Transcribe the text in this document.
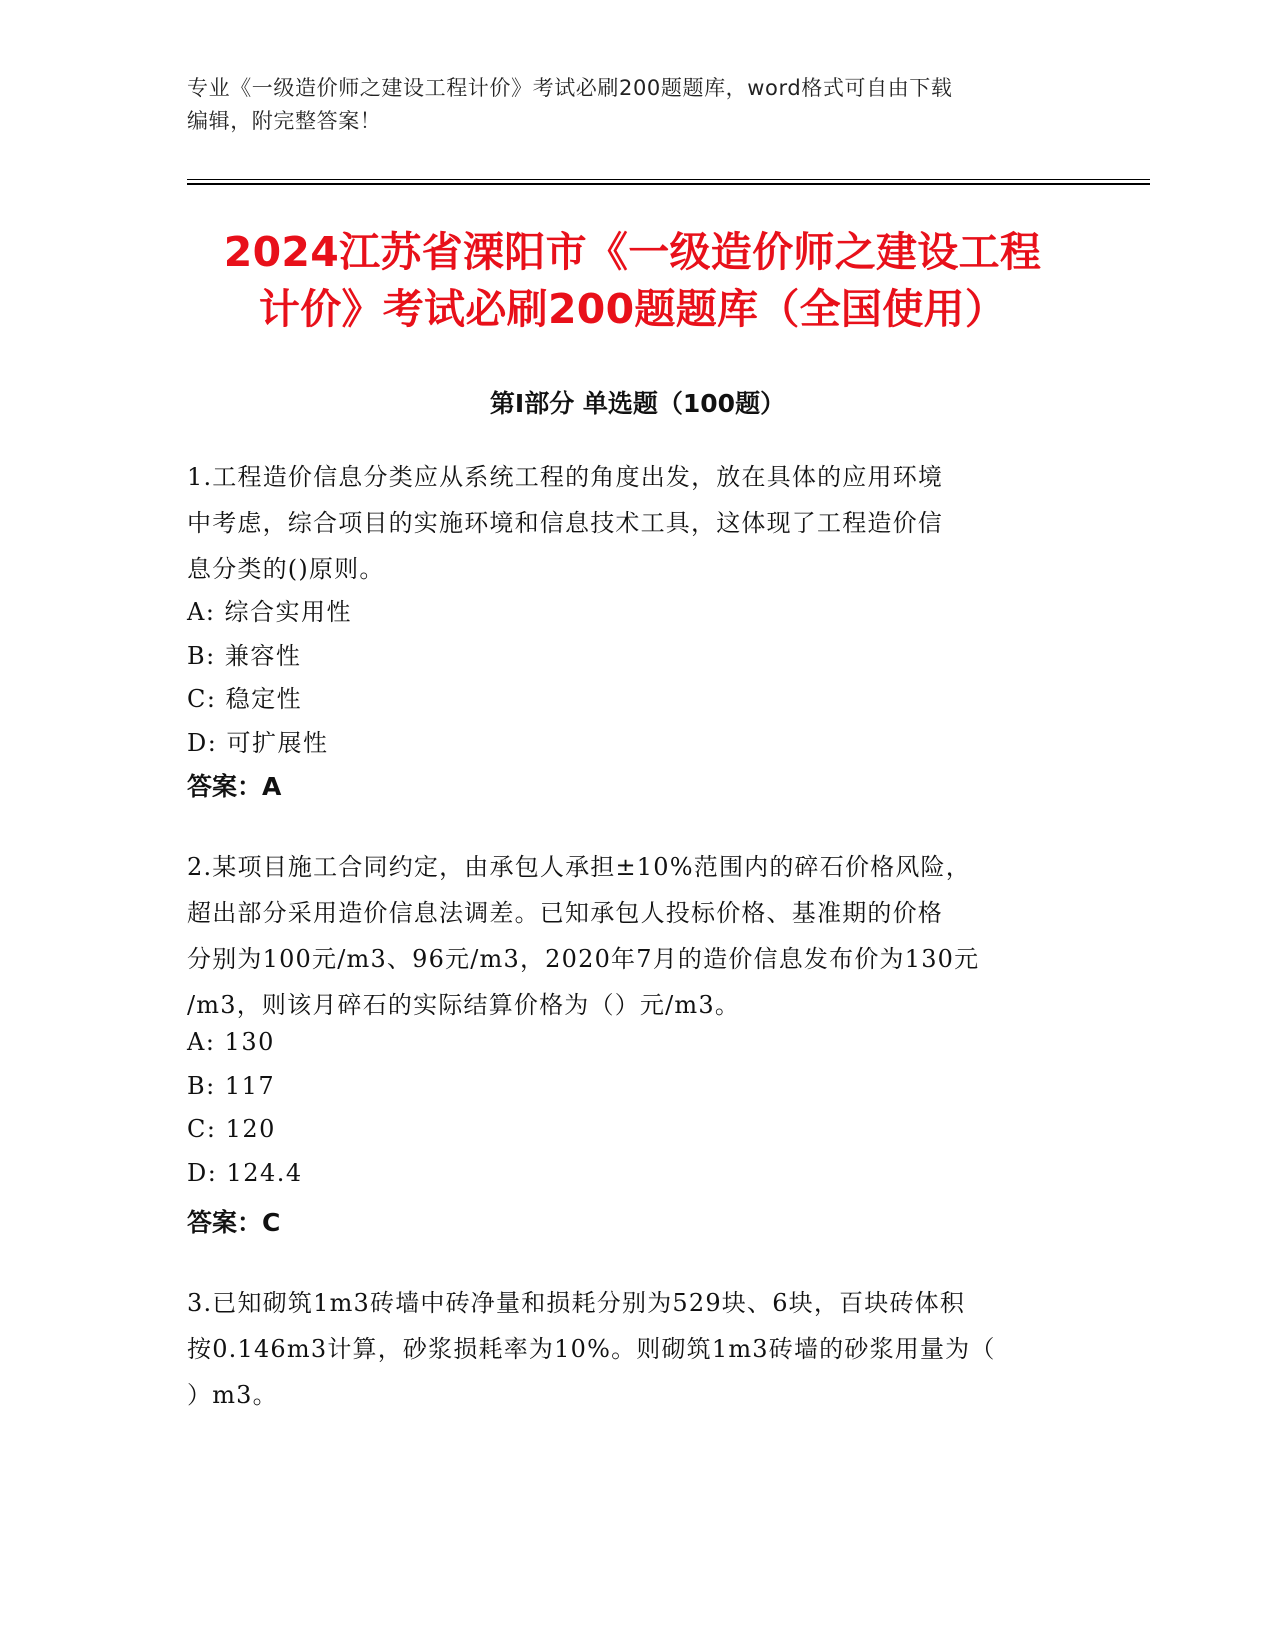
专业《一级造价师之建设工程计价》考试必刷200题题库，word格式可自由下载
编辑，附完整答案！
2024江苏省溧阳市《一级造价师之建设工程
计价》考试必刷200题题库（全国使用）
第I部分 单选题（100题）
1.工程造价信息分类应从系统工程的角度出发，放在具体的应用环境
中考虑，综合项目的实施环境和信息技术工具，这体现了工程造价信
息分类的()原则。
A: 综合实用性
B: 兼容性
C: 稳定性
D: 可扩展性
答案：A
2.某项目施工合同约定，由承包人承担±10%范围内的碎石价格风险，
超出部分采用造价信息法调差。已知承包人投标价格、基准期的价格
分别为100元/m3、96元/m3，2020年7月的造价信息发布价为130元
/m3，则该月碎石的实际结算价格为（）元/m3。
A: 130
B: 117
C: 120
D: 124.4
答案：C
3.已知砌筑1m3砖墙中砖净量和损耗分别为529块、6块，百块砖体积
按0.146m3计算，砂浆损耗率为10%。则砌筑1m3砖墙的砂浆用量为（
）m3。
